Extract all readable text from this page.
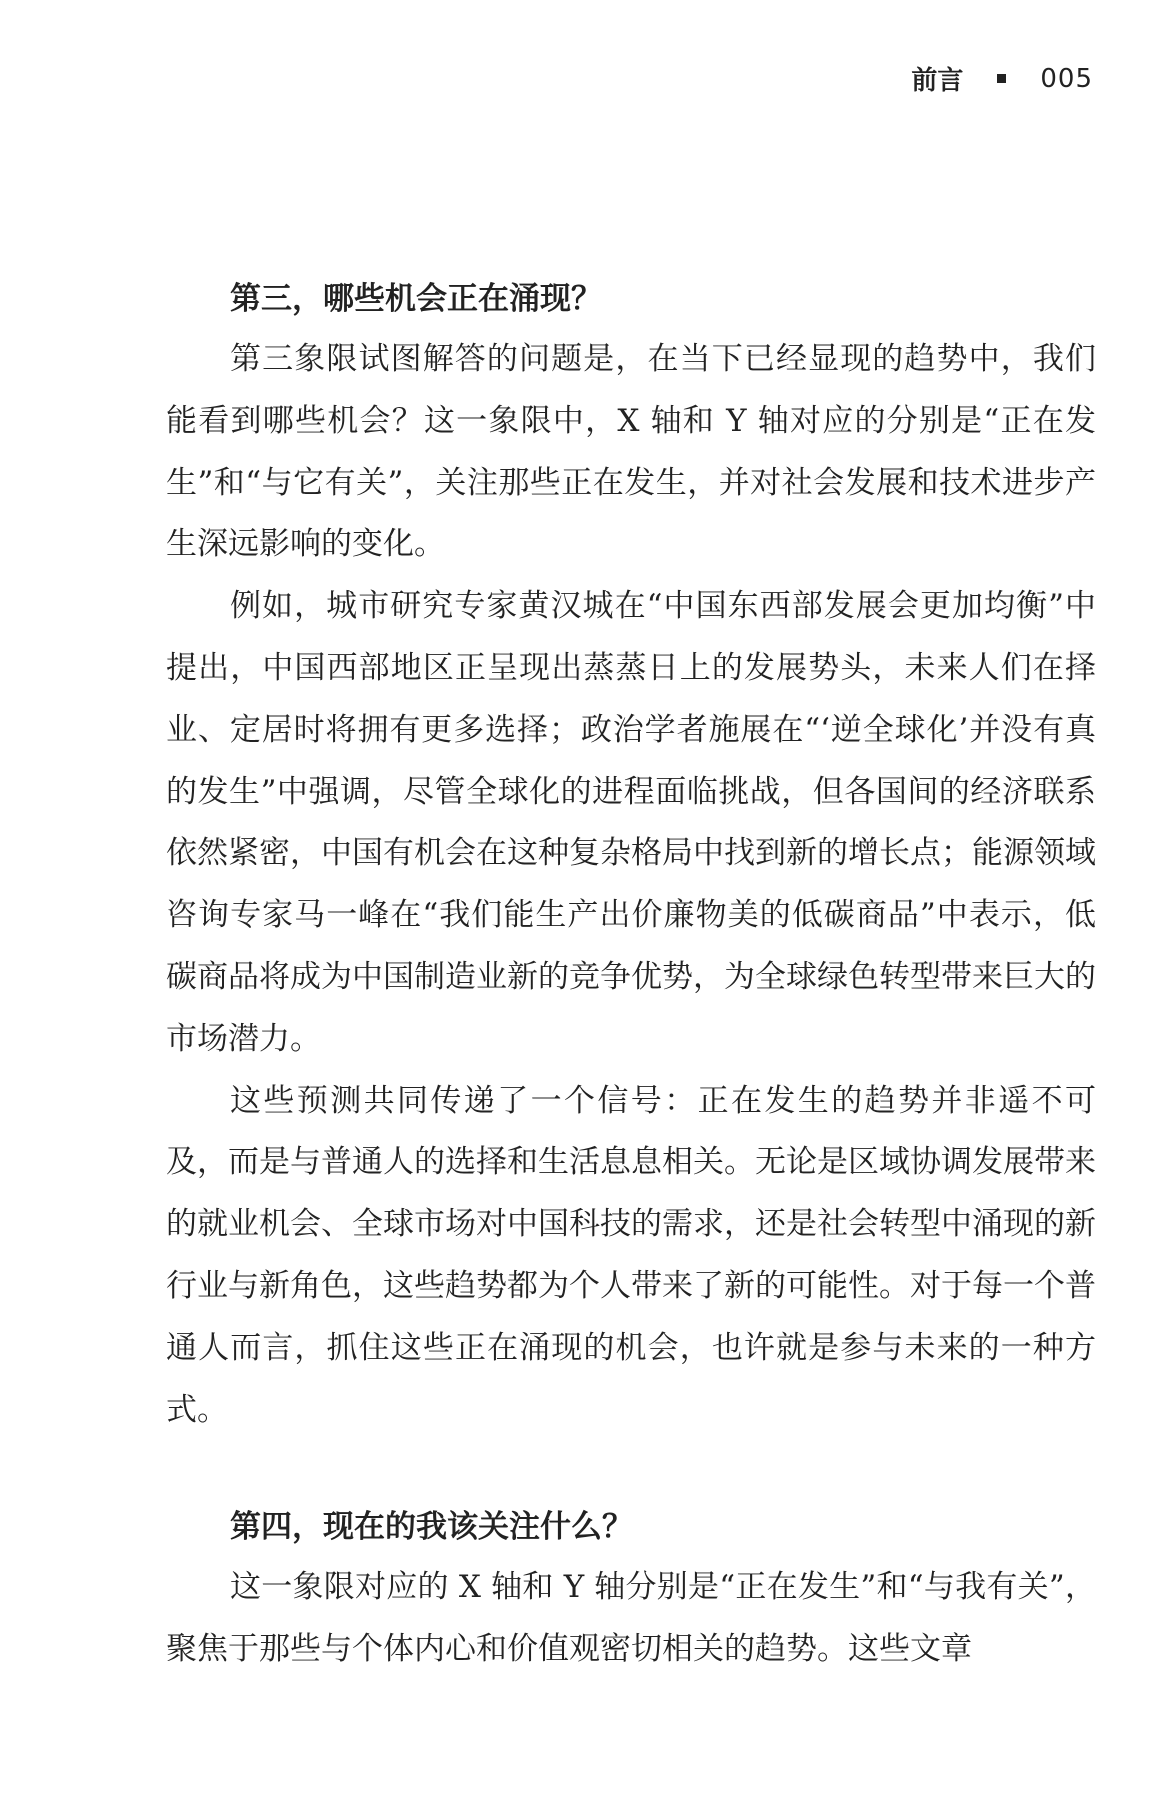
前言	005
第三，哪些机会正在涌现？

第三象限试图解答的问题是，在当下已经显现的趋势中，我们能看到哪些机会？这一象限中，X 轴和 Y 轴对应的分别是“正在发生”和“与它有关”，关注那些正在发生，并对社会发展和技术进步产生深远影响的变化。

例如，城市研究专家黄汉城在“中国东西部发展会更加均衡”中提出，中国西部地区正呈现出蒸蒸日上的发展势头，未来人们在择业、定居时将拥有更多选择；政治学者施展在“‘逆全球化’并没有真的发生”中强调，尽管全球化的进程面临挑战，但各国间的经济联系依然紧密，中国有机会在这种复杂格局中找到新的增长点；能源领域咨询专家马一峰在“我们能生产出价廉物美的低碳商品”中表示，低碳商品将成为中国制造业新的竞争优势，为全球绿色转型带来巨大的市场潜力。

这些预测共同传递了一个信号：正在发生的趋势并非遥不可及，而是与普通人的选择和生活息息相关。无论是区域协调发展带来的就业机会、全球市场对中国科技的需求，还是社会转型中涌现的新行业与新角色，这些趋势都为个人带来了新的可能性。对于每一个普通人而言，抓住这些正在涌现的机会，也许就是参与未来的一种方式。

第四，现在的我该关注什么？

这一象限对应的 X 轴和 Y 轴分别是“正在发生”和“与我有关”，聚焦于那些与个体内心和价值观密切相关的趋势。这些文章
